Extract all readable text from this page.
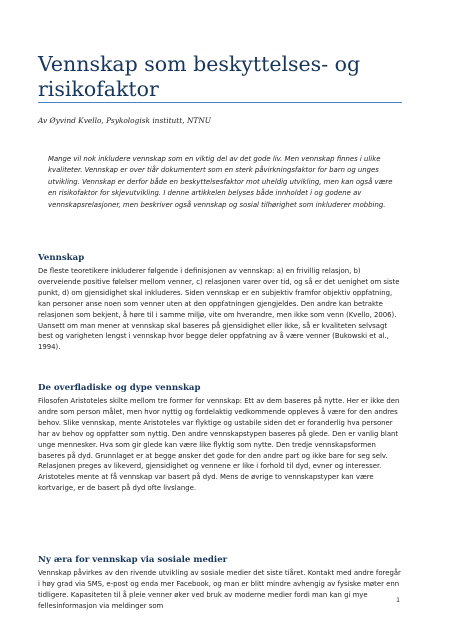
Vennskap som beskyttelses- og risikofaktor
Av Øyvind Kvello, Psykologisk institutt, NTNU

Mange vil nok inkludere vennskap som en viktig del av det gode liv. Men vennskap finnes i ulike kvaliteter. Vennskap er over tiår dokumentert som en sterk påvirkningsfaktor for barn og unges utvikling. Vennskap er derfor både en beskyttelsesfaktor mot uheldig utvikling, men kan også være en risikofaktor for skjevutvikling. I denne artikkelen belyses både innholdet i og godene av vennskapsrelasjoner, men beskriver også vennskap og sosial tilhørighet som inkluderer mobbing.

Vennskap

De fleste teoretikere inkluderer følgende i definisjonen av vennskap: a) en frivillig relasjon, b) overveiende positive følelser mellom venner, c) relasjonen varer over tid, og så er det uenighet om siste punkt, d) om gjensidighet skal inkluderes. Siden vennskap er en subjektiv framfor objektiv oppfatning, kan personer anse noen som venner uten at den oppfatningen gjengjeldes. Den andre kan betrakte relasjonen som bekjent, å høre til i samme miljø, vite om hverandre, men ikke som venn (Kvello, 2006). Uansett om man mener at vennskap skal baseres på gjensidighet eller ikke, så er kvaliteten selvsagt best og varigheten lengst i vennskap hvor begge deler oppfatning av å være venner (Bukowski et al., 1994).

De overfladiske og dype vennskap

Filosofen Aristoteles skilte mellom tre former for vennskap: Ett av dem baseres på nytte. Her er ikke den andre som person målet, men hvor nyttig og fordelaktig vedkommende oppleves å være for den andres behov. Slike vennskap, mente Aristoteles var flyktige og ustabile siden det er foranderlig hva personer har av behov og oppfatter som nyttig. Den andre vennskapstypen baseres på glede. Den er vanlig blant unge mennesker. Hva som gir glede kan være like flyktig som nytte. Den tredje vennskapsformen baseres på dyd. Grunnlaget er at begge ønsker det gode for den andre part og ikke bare for seg selv. Relasjonen preges av likeverd, gjensidighet og vennene er like i forhold til dyd, evner og interesser. Aristoteles mente at få vennskap var basert på dyd. Mens de øvrige to vennskapstyper kan være kortvarige, er de basert på dyd ofte livslange.

Ny æra for vennskap via sosiale medier

Vennskap påvirkes av den rivende utvikling av sosiale medier det siste tiåret. Kontakt med andre foregår i høy grad via SMS, e-post og enda mer Facebook, og man er blitt mindre avhengig av fysiske møter enn tidligere. Kapasiteten til å pleie venner øker ved bruk av moderne medier fordi man kan gi mye fellesinformasjon via meldinger som

1
